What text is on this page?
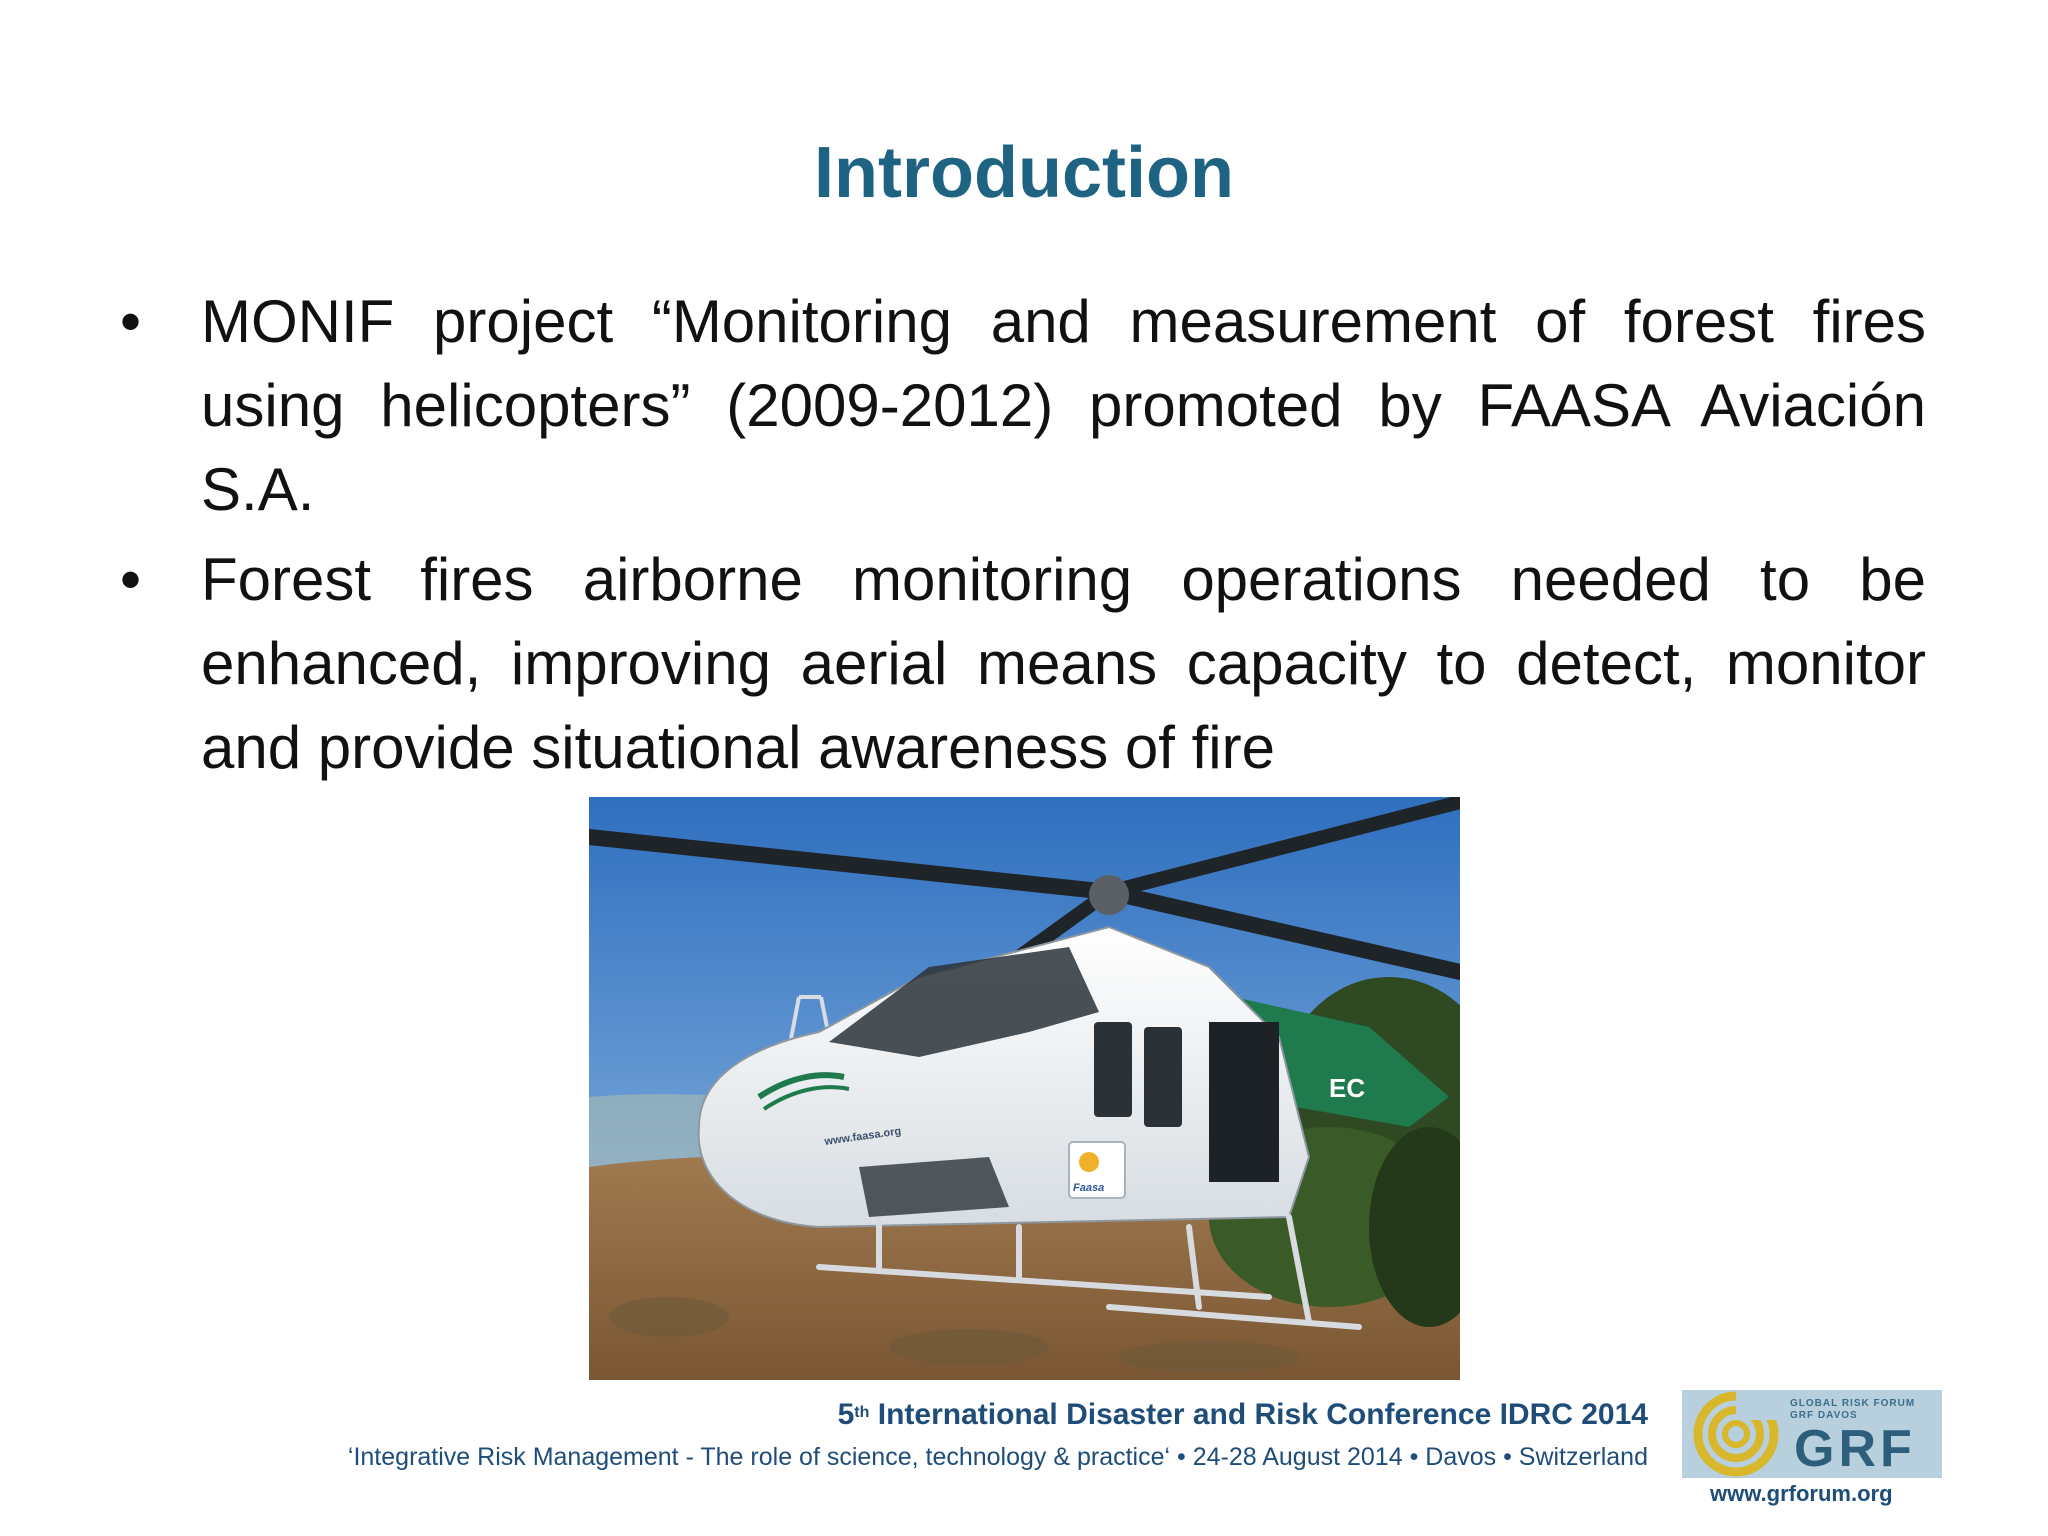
Introduction
• MONIF project “Monitoring and measurement of forest fires using helicopters” (2009-2012) promoted by FAASA Aviación S.A.
• Forest fires airborne monitoring operations needed to be enhanced, improving aerial means capacity to detect, monitor and provide situational awareness of fire
EC
www.faasa.org
Faasa
5th International Disaster and Risk Conference IDRC 2014
‘Integrative Risk Management - The role of science, technology & practice‘ • 24-28 August 2014 • Davos • Switzerland
GLOBAL RISK FORUM
GRF DAVOS
GRF
www.grforum.org
